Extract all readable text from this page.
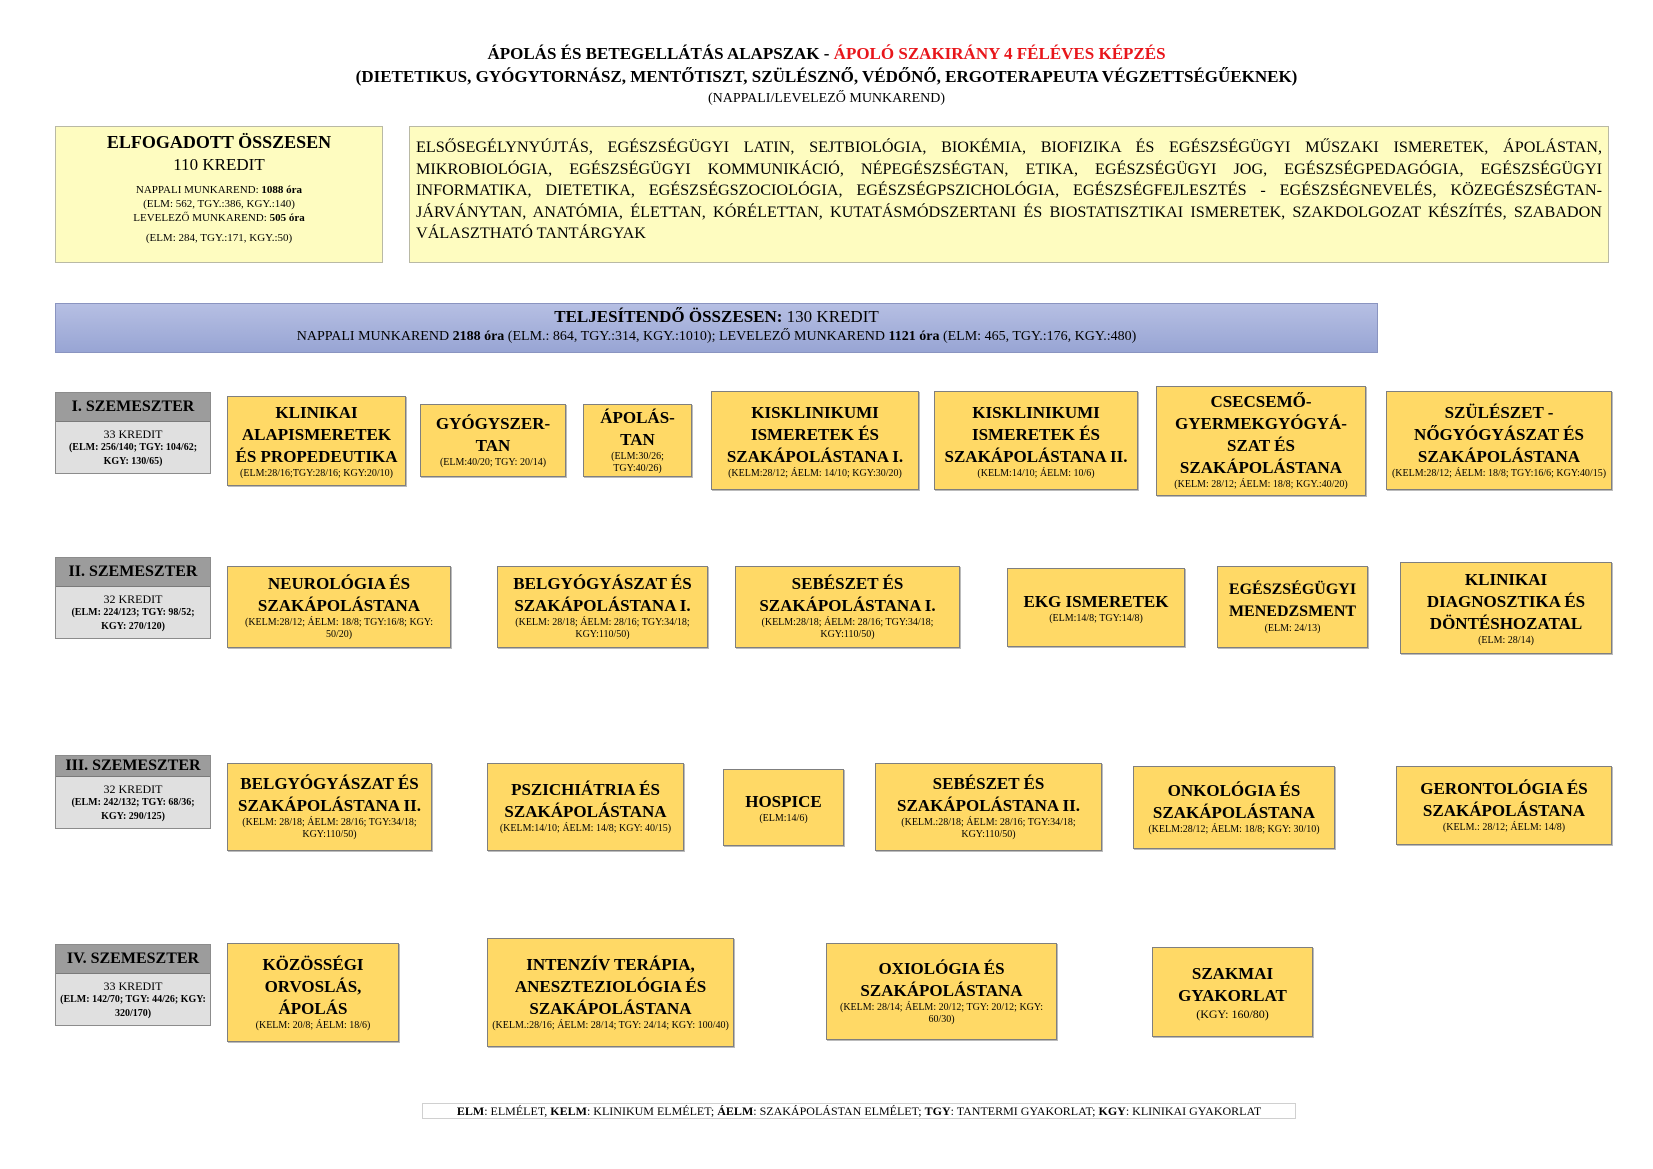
ÁPOLÁS ÉS BETEGELLÁTÁS ALAPSZAK - ÁPOLÓ SZAKIRÁNY 4 FÉLÉVES KÉPZÉS
(DIETETIKUS, GYÓGYTORNÁSZ, MENTŐTISZT, SZÜLÉSZNŐ, VÉDŐNŐ, ERGOTERAPEUTA VÉGZETTSÉGŰEKNEK)
(NAPPALI/LEVELEZŐ MUNKAREND)
ELFOGADOTT ÖSSZESEN
110 KREDIT
NAPPALI MUNKAREND: 1088 óra
(ELM: 562, TGY.:386, KGY.:140)
LEVELEZŐ MUNKAREND: 505 óra
(ELM: 284, TGY.:171, KGY.:50)
ELSŐSEGÉLYNYÚJTÁS, EGÉSZSÉGÜGYI LATIN, SEJTBIOLÓGIA, BIOKÉMIA, BIOFIZIKA ÉS EGÉSZSÉGÜGYI MŰSZAKI ISMERETEK, ÁPOLÁSTAN, MIKROBIOLÓGIA, EGÉSZSÉGÜGYI KOMMUNIKÁCIÓ, NÉPEGÉSZSÉGTAN, ETIKA, EGÉSZSÉGÜGYI JOG, EGÉSZSÉGPEDAGÓGIA, EGÉSZSÉGÜGYI INFORMATIKA, DIETETIKA, EGÉSZSÉGSZOCIOLÓGIA, EGÉSZSÉGPSZICHOLÓGIA, EGÉSZSÉGFEJLESZTÉS - EGÉSZSÉGNEVELÉS, KÖZEGÉSZSÉGTAN-JÁRVÁNYTAN, ANATÓMIA, ÉLETTAN, KÓRÉLETTAN, KUTATÁSMÓDSZERTANI ÉS BIOSTATISZTIKAI ISMERETEK, SZAKDOLGOZAT KÉSZÍTÉS, SZABADON VÁLASZTHATÓ TANTÁRGYAK
TELJESÍTENDŐ ÖSSZESEN: 130 KREDIT
NAPPALI MUNKAREND 2188 óra (ELM.: 864, TGY.:314, KGY.:1010); LEVELEZŐ MUNKAREND 1121 óra (ELM: 465, TGY.:176, KGY.:480)
I. SZEMESZTER
33 KREDIT
(ELM: 256/140; TGY: 104/62; KGY: 130/65)
KLINIKAI ALAPISMERETEK ÉS PROPEDEUTIKA
(ELM:28/16;TGY:28/16; KGY:20/10)
GYÓGYSZER-TAN
(ELM:40/20; TGY: 20/14)
ÁPOLÁS-TAN
(ELM:30/26; TGY:40/26)
KISKLINIKUMI ISMERETEK ÉS SZAKÁPOLÁSTANA I.
(KELM:28/12; ÁELM: 14/10; KGY:30/20)
KISKLINIKUMI ISMERETEK ÉS SZAKÁPOLÁSTANA II.
(KELM:14/10; ÁELM: 10/6)
CSECSEMŐ-GYERMEKGYÓGYÁ-SZAT ÉS SZAKÁPOLÁSTANA
(KELM: 28/12; ÁELM: 18/8; KGY.:40/20)
SZÜLÉSZET - NŐGYÓGYÁSZAT ÉS SZAKÁPOLÁSTANA
(KELM:28/12; ÁELM: 18/8; TGY:16/6; KGY:40/15)
II. SZEMESZTER
32 KREDIT
(ELM: 224/123; TGY: 98/52; KGY: 270/120)
NEUROLÓGIA ÉS SZAKÁPOLÁSTANA
(KELM:28/12; ÁELM: 18/8; TGY:16/8; KGY: 50/20)
BELGYÓGYÁSZAT ÉS SZAKÁPOLÁSTANA I.
(KELM: 28/18; ÁELM: 28/16; TGY:34/18; KGY:110/50)
SEBÉSZET ÉS SZAKÁPOLÁSTANA I.
(KELM:28/18; ÁELM: 28/16; TGY:34/18; KGY:110/50)
EKG ISMERETEK
(ELM:14/8; TGY:14/8)
EGÉSZSÉGÜGYI MENEDZSMENT
(ELM: 24/13)
KLINIKAI DIAGNOSZTIKA ÉS DÖNTÉSHOZATAL
(ELM: 28/14)
III. SZEMESZTER
32 KREDIT
(ELM: 242/132; TGY: 68/36; KGY: 290/125)
BELGYÓGYÁSZAT ÉS SZAKÁPOLÁSTANA II.
(KELM: 28/18; ÁELM: 28/16; TGY:34/18; KGY:110/50)
PSZICHIÁTRIA ÉS SZAKÁPOLÁSTANA
(KELM:14/10; ÁELM: 14/8; KGY: 40/15)
HOSPICE
(ELM:14/6)
SEBÉSZET ÉS SZAKÁPOLÁSTANA II.
(KELM.:28/18; ÁELM: 28/16; TGY:34/18; KGY:110/50)
ONKOLÓGIA ÉS SZAKÁPOLÁSTANA
(KELM:28/12; ÁELM: 18/8; KGY: 30/10)
GERONTOLÓGIA ÉS SZAKÁPOLÁSTANA
(KELM.: 28/12; ÁELM: 14/8)
IV. SZEMESZTER
33 KREDIT
(ELM: 142/70; TGY: 44/26; KGY: 320/170)
KÖZÖSSÉGI ORVOSLÁS, ÁPOLÁS
(KELM: 20/8; ÁELM: 18/6)
INTENZÍV TERÁPIA, ANESZTEZIOLÓGIA ÉS SZAKÁPOLÁSTANA
(KELM.:28/16; ÁELM: 28/14; TGY: 24/14; KGY: 100/40)
OXIOLÓGIA ÉS SZAKÁPOLÁSTANA
(KELM: 28/14; ÁELM: 20/12; TGY: 20/12; KGY: 60/30)
SZAKMAI GYAKORLAT
(KGY: 160/80)
ELM: ELMÉLET, KELM: KLINIKUM ELMÉLET; ÁELM: SZAKÁPOLÁSTAN ELMÉLET; TGY: TANTERMI GYAKORLAT; KGY: KLINIKAI GYAKORLAT
